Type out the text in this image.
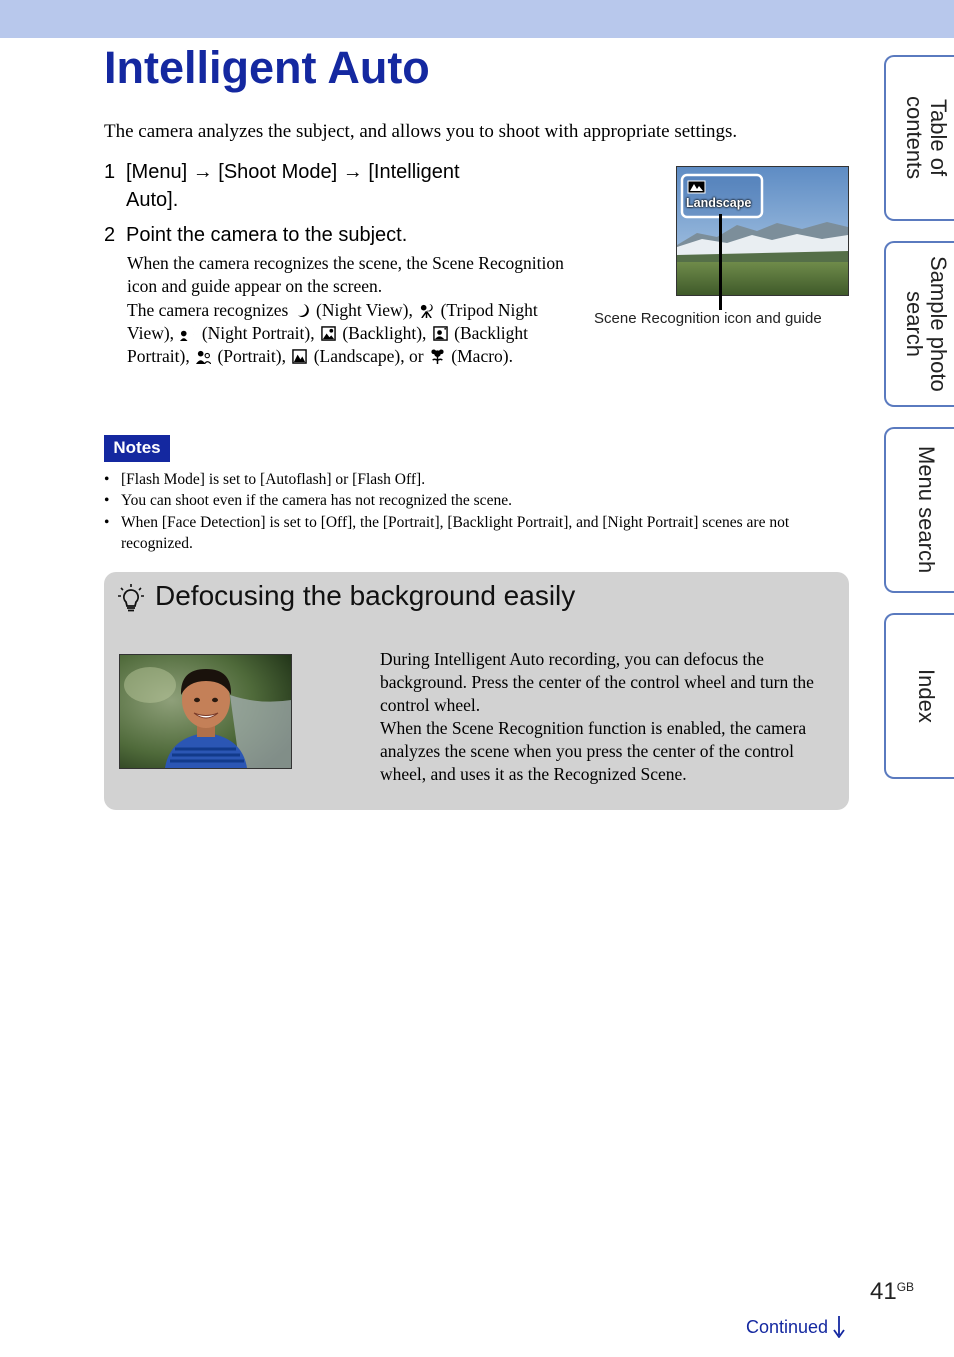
Intelligent Auto

The camera analyzes the subject, and allows you to shoot with appropriate settings.

1 [Menu] → [Shoot Mode] → [Intelligent
Auto].
2 Point the camera to the subject.
When the camera recognizes the scene, the Scene Recognition icon and guide appear on the screen.
The camera recognizes (Night View), (Tripod Night View), (Night Portrait), (Backlight), (Backlight Portrait), (Portrait), (Landscape), or (Macro).
Landscape
Scene Recognition icon and guide
Notes
• [Flash Mode] is set to [Autoflash] or [Flash Off].
• You can shoot even if the camera has not recognized the scene.
• When [Face Detection] is set to [Off], the [Portrait], [Backlight Portrait], and [Night Portrait] scenes are not recognized.
Defocusing the background easily
During Intelligent Auto recording, you can defocus the background. Press the center of the control wheel and turn the control wheel.
When the Scene Recognition function is enabled, the camera analyzes the scene when you press the center of the control wheel, and uses it as the Recognized Scene.
Table of
contents
Sample photo
search
Menu search
Index
$41^{GB}$
Continued
